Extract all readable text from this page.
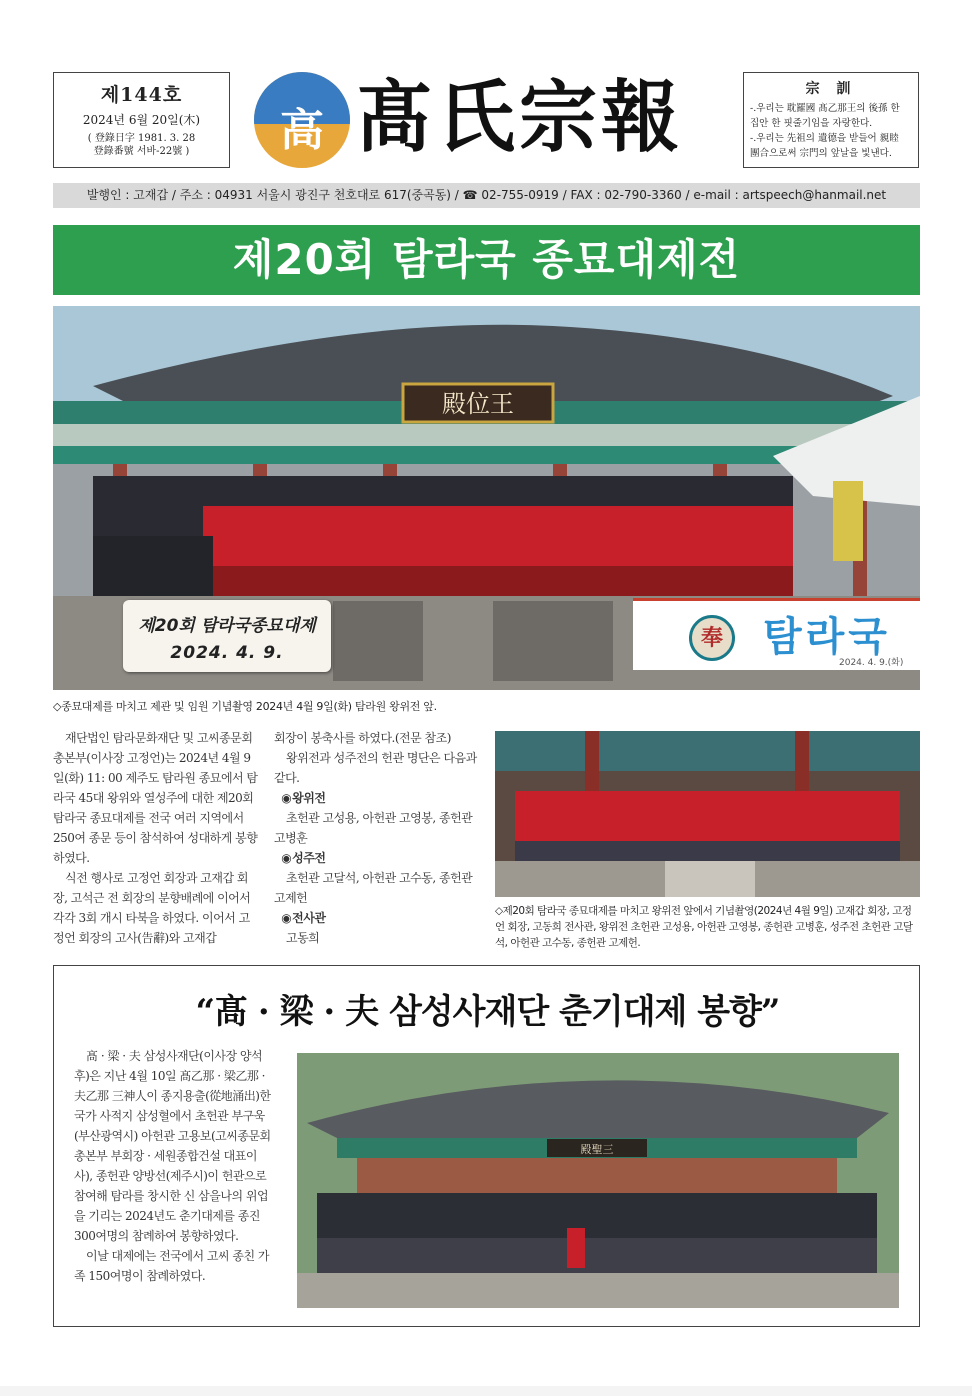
제144호
2024년 6월 20일(木)
( 登錄日字 1981. 3. 28
登錄番號 서바-22號 )	高 髙氏宗報	宗 訓
-.우리는 耽羅國 髙乙那王의 後孫 한
집안 한 핏줄기임을 자랑한다.
-.우리는 先祖의 遺德을 받들어 親睦
團合으로써 宗門의 앞날을 빛낸다.
발행인 : 고재갑 / 주소 : 04931 서울시 광진구 천호대로 617(중곡동) / ☎ 02-755-0919 / FAX : 02-790-3360 / e-mail : artspeech@hanmail.net
제20회 탐라국 종묘대제전
殿位王
제20회 탐라국종묘대제
2024. 4. 9.
奉	탐라국
2024. 4. 9.(화)
◇종묘대제를 마치고 제관 및 임원 기념촬영 2024년 4월 9일(화) 탐라원 왕위전 앞.

재단법인 탐라문화재단 및 고씨종문회총본부(이사장 고정언)는 2024년 4월 9일(화) 11: 00 제주도 탐라원 종묘에서 탐라국 45대 왕위와 열성주에 대한 제20회 탐라국 종묘대제를 전국 여러 지역에서 250여 종문 등이 참석하여 성대하게 봉향하였다.

식전 행사로 고정언 회장과 고재갑 회장, 고석근 전 회장의 분향배례에 이어서 각각 3회 개시 타북을 하였다. 이어서 고정언 회장의 고사(告辭)와 고재갑

회장이 봉축사를 하였다.(전문 참조)

왕위전과 성주전의 헌관 명단은 다음과 같다.

◉ 왕위전

초헌관 고성용, 아헌관 고영봉, 종헌관 고병훈

◉ 성주전

초헌관 고달석, 아헌관 고수동, 종헌관 고제헌

◉ 전사관

고동희

◇제20회 탐라국 종묘대제를 마치고 왕위전 앞에서 기념촬영(2024년 4월 9일) 고재갑 회장, 고정언 회장, 고동희 전사관, 왕위전 초헌관 고성용, 아헌관 고영봉, 종헌관 고병훈, 성주전 초헌관 고달석, 아헌관 고수동, 종헌관 고제헌.
“髙 · 梁 · 夫 삼성사재단 춘기대제 봉향”

髙 · 梁 · 夫 삼성사재단(이사장 양석후)은 지난 4월 10일 髙乙那 · 梁乙那 · 夫乙那 三神人이 종지용출(從地涌出)한 국가 사적지 삼성혈에서 초헌관 부구욱(부산광역시) 아헌관 고용보(고씨종문회총본부 부회장 · 세원종합건설 대표이사), 종헌관 양방선(제주시)이 헌관으로 참여해 탐라를 창시한 신 삼을나의 위업을 기리는 2024년도 춘기대제를 종진 300여명의 참례하여 봉향하였다.

이날 대제에는 전국에서 고씨 종친 가족 150여명이 참례하였다.

殿聖三
